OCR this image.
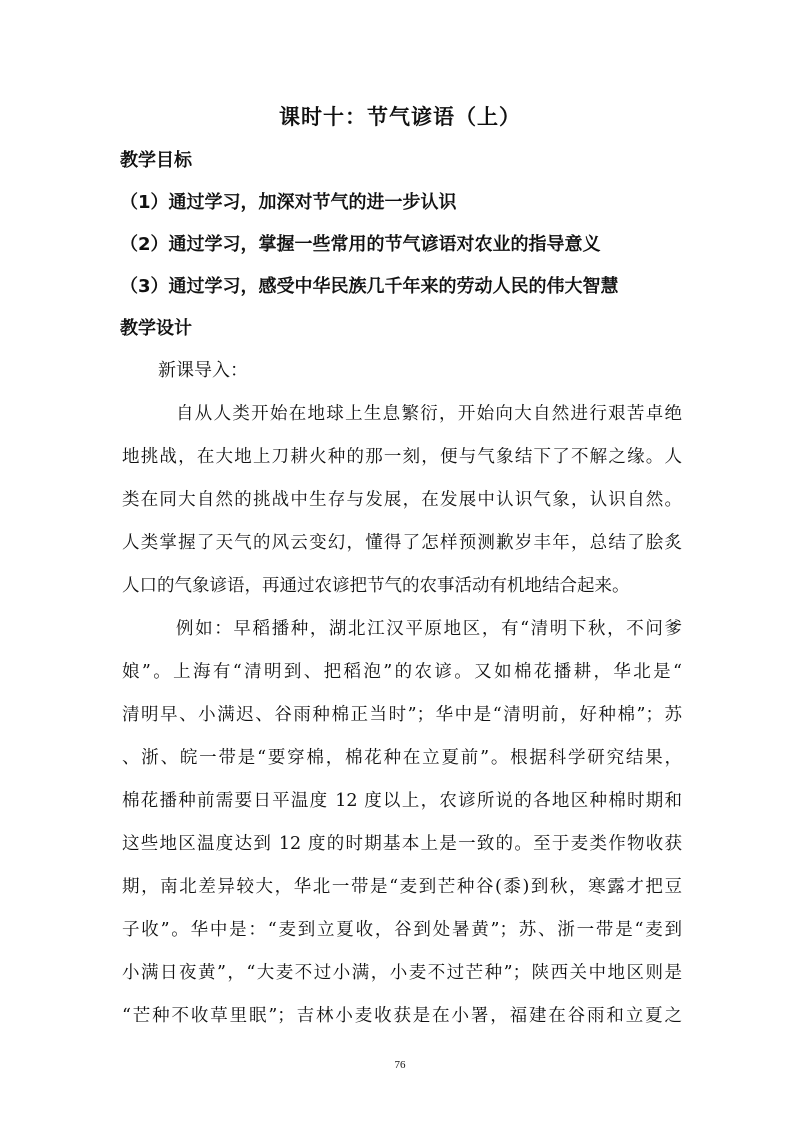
课时十：节气谚语（上）
教学目标
（1）通过学习，加深对节气的进一步认识
（2）通过学习，掌握一些常用的节气谚语对农业的指导意义
（3）通过学习，感受中华民族几千年来的劳动人民的伟大智慧
教学设计
新课导入：
自从人类开始在地球上生息繁衍，开始向大自然进行艰苦卓绝
地挑战，在大地上刀耕火种的那一刻，便与气象结下了不解之缘。人
类在同大自然的挑战中生存与发展，在发展中认识气象，认识自然。
人类掌握了天气的风云变幻，懂得了怎样预测歉岁丰年，总结了脍炙
人口的气象谚语，再通过农谚把节气的农事活动有机地结合起来。
例如：早稻播种，湖北江汉平原地区，有“清明下秋，不问爹
娘”。上海有“清明到、把稻泡”的农谚。又如棉花播耕，华北是“
清明早、小满迟、谷雨种棉正当时”；华中是“清明前，好种棉”；苏
、浙、皖一带是“要穿棉，棉花种在立夏前”。根据科学研究结果，
棉花播种前需要日平温度 12 度以上，农谚所说的各地区种棉时期和
这些地区温度达到 12 度的时期基本上是一致的。至于麦类作物收获
期，南北差异较大，华北一带是“麦到芒种谷(黍)到秋，寒露才把豆
子收”。华中是：“麦到立夏收，谷到处暑黄”；苏、浙一带是“麦到
小满日夜黄”，“大麦不过小满，小麦不过芒种”；陕西关中地区则是
“芒种不收草里眠”；吉林小麦收获是在小署，福建在谷雨和立夏之
76
